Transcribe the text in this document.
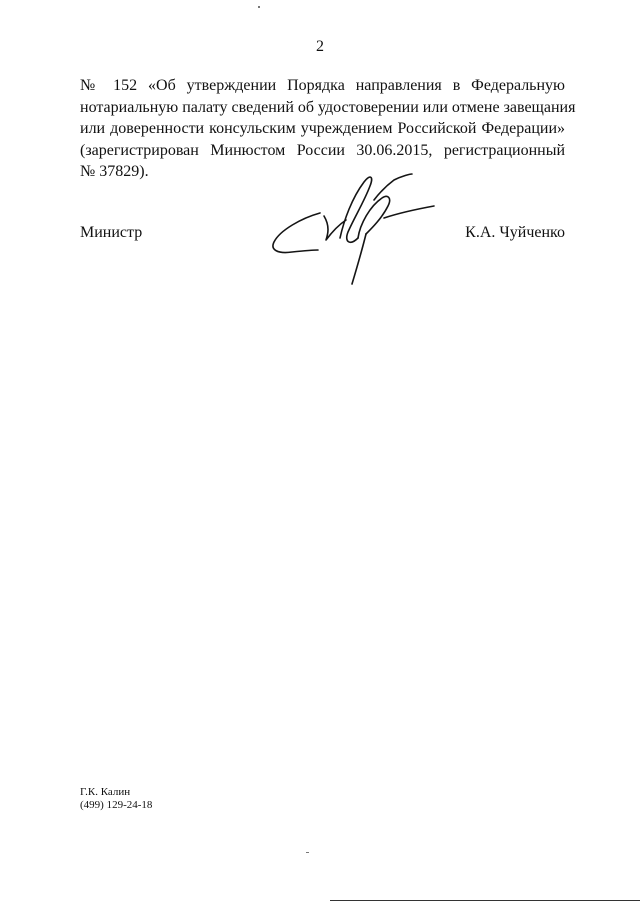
2
№ 152 «Об утверждении Порядка направления в Федеральную
нотариальную палату сведений об удостоверении или отмене завещания
или доверенности консульским учреждением Российской Федерации»
(зарегистрирован Минюстом России 30.06.2015, регистрационный
№ 37829).
Министр	К.А. Чуйченко
Г.К. Калин
(499) 129-24-18
